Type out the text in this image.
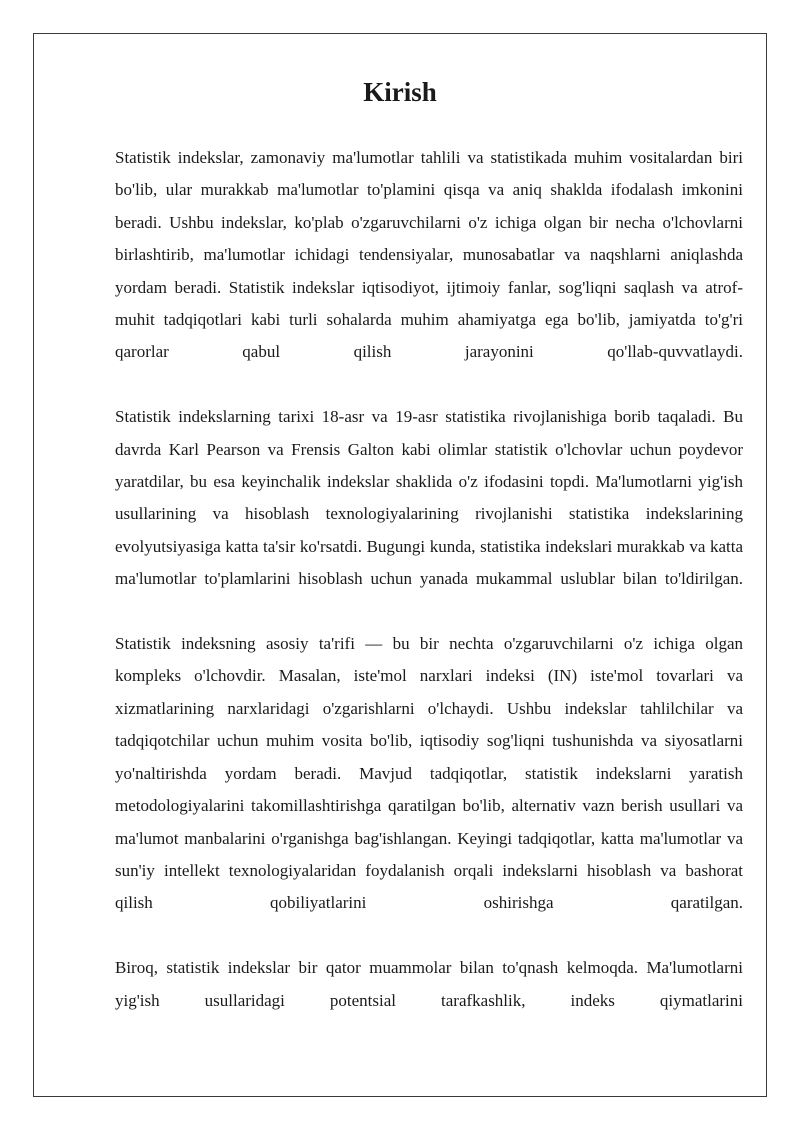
Kirish

Statistik indekslar, zamonaviy ma'lumotlar tahlili va statistikada muhim vositalardan biri bo'lib, ular murakkab ma'lumotlar to'plamini qisqa va aniq shaklda ifodalash imkonini beradi. Ushbu indekslar, ko'plab o'zgaruvchilarni o'z ichiga olgan bir necha o'lchovlarni birlashtirib, ma'lumotlar ichidagi tendensiyalar, munosabatlar va naqshlarni aniqlashda yordam beradi. Statistik indekslar iqtisodiyot, ijtimoiy fanlar, sog'liqni saqlash va atrof-muhit tadqiqotlari kabi turli sohalarda muhim ahamiyatga ega bo'lib, jamiyatda to'g'ri qarorlar qabul qilish jarayonini qo'llab-quvvatlaydi.

Statistik indekslarning tarixi 18-asr va 19-asr statistika rivojlanishiga borib taqaladi. Bu davrda Karl Pearson va Frensis Galton kabi olimlar statistik o'lchovlar uchun poydevor yaratdilar, bu esa keyinchalik indekslar shaklida o'z ifodasini topdi. Ma'lumotlarni yig'ish usullarining va hisoblash texnologiyalarining rivojlanishi statistika indekslarining evolyutsiyasiga katta ta'sir ko'rsatdi. Bugungi kunda, statistika indekslari murakkab va katta ma'lumotlar to'plamlarini hisoblash uchun yanada mukammal uslublar bilan to'ldirilgan.

Statistik indeksning asosiy ta'rifi — bu bir nechta o'zgaruvchilarni o'z ichiga olgan kompleks o'lchovdir. Masalan, iste'mol narxlari indeksi (IN) iste'mol tovarlari va xizmatlarining narxlaridagi o'zgarishlarni o'lchaydi. Ushbu indekslar tahlilchilar va tadqiqotchilar uchun muhim vosita bo'lib, iqtisodiy sog'liqni tushunishda va siyosatlarni yo'naltirishda yordam beradi. Mavjud tadqiqotlar, statistik indekslarni yaratish metodologiyalarini takomillashtirishga qaratilgan bo'lib, alternativ vazn berish usullari va ma'lumot manbalarini o'rganishga bag'ishlangan. Keyingi tadqiqotlar, katta ma'lumotlar va sun'iy intellekt texnologiyalaridan foydalanish orqali indekslarni hisoblash va bashorat qilish qobiliyatlarini oshirishga qaratilgan.

Biroq, statistik indekslar bir qator muammolar bilan to'qnash kelmoqda. Ma'lumotlarni yig'ish usullaridagi potentsial tarafkashlik, indeks qiymatlarini
